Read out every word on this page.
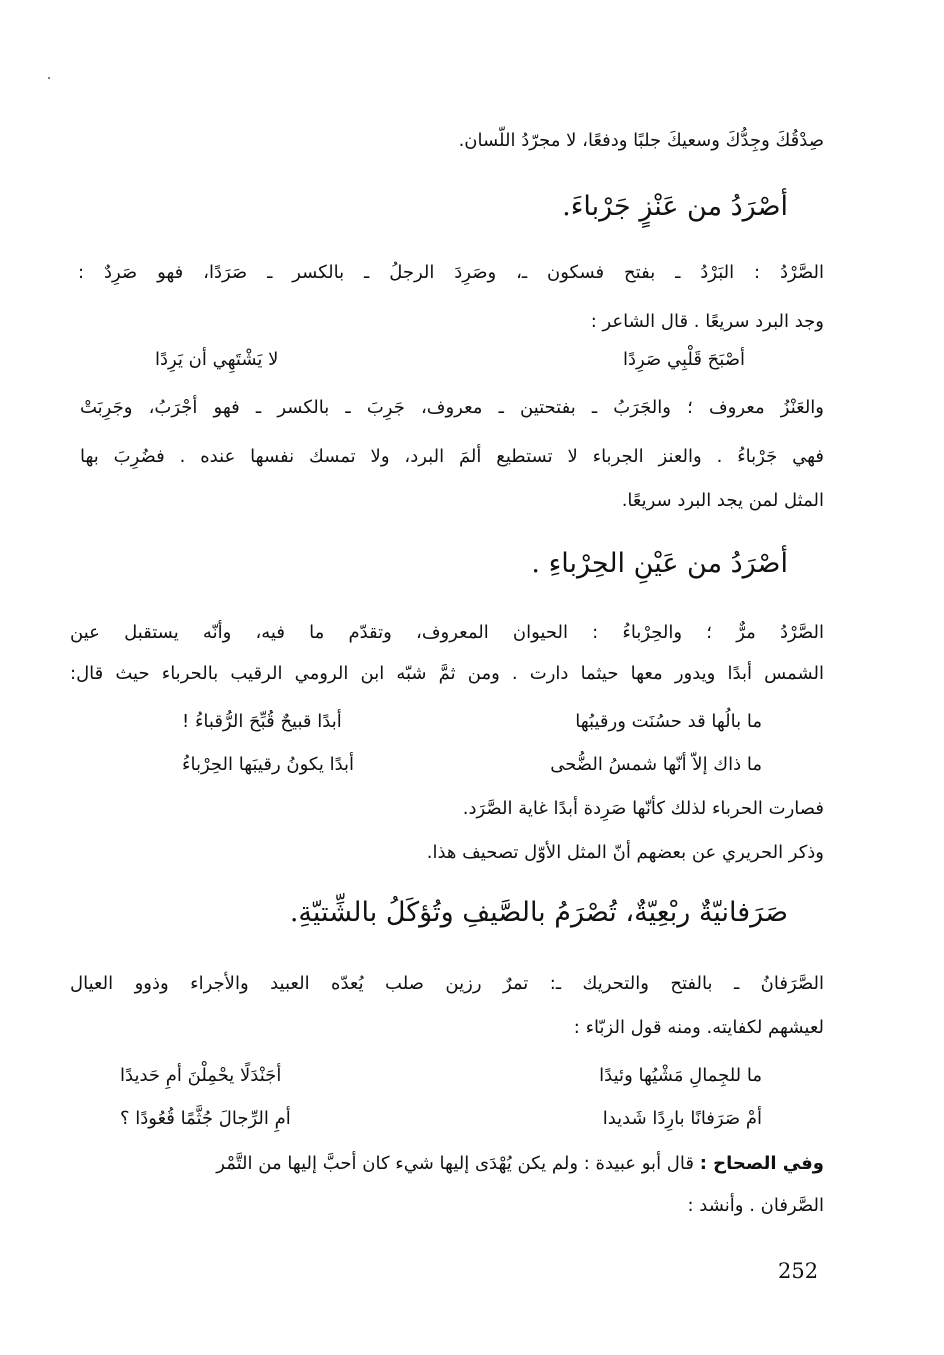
صِدْقُكَ وجِدُّكَ وسعيكَ جلبًا ودفعًا، لا مجرّدُ اللّسان.
أصْرَدُ من عَنْزٍ جَرْباءَ.
الصَّرْدُ : البَرْدُ ـ بفتح فسكون ـ، وصَرِدَ الرجلُ ـ بالكسر ـ صَرَدًا، فهو صَرِدٌ :
وجد البرد سريعًا . قال الشاعر :
أصْبَحَ قَلْبِي صَرِدًا
لا يَشْتَهِي أن يَرِدًا
والعَنْزُ معروف ؛ والجَرَبُ ـ بفتحتين ـ معروف، جَرِبَ ـ بالكسر ـ فهو أجْرَبُ، وجَرِبَتْ
فهي جَرْباءُ . والعنز الجرباء لا تستطيع ألمَ البرد، ولا تمسك نفسها عنده . فضُرِبَ بها
المثل لمن يجد البرد سريعًا.
أصْرَدُ من عَيْنِ الحِرْباءِ .
الصَّرْدُ مرٌّ ؛ والحِرْباءُ : الحيوان المعروف، وتقدّم ما فيه، وأنّه يستقبل عين
الشمس أبدًا ويدور معها حيثما دارت . ومن ثمَّ شبّه ابن الرومي الرقيب بالحرباء حيث قال:
ما بالُها قد حسُنَت ورقيبُها
أبدًا قبيحٌ قُبِّحَ الرُّقباءُ !
ما ذاك إلاّ أنّها شمسُ الضُّحى
أبدًا يكونُ رقيبَها الحِرْباءُ
فصارت الحرباء لذلك كأنّها صَرِدة أبدًا غاية الصَّرَد.
وذكر الحريري عن بعضهم أنّ المثل الأوّل تصحيف هذا.
صَرَفانيّةٌ ربْعِيّةٌ، تُصْرَمُ بالصَّيفِ وتُؤكَلُ بالشِّتيّةِ.
الصَّرَفانُ ـ بالفتح والتحريك ـ: تمرٌ رزين صلب يُعدّه العبيد والأجراء وذوو العيال
لعيشهم لكفايته. ومنه قول الزبّاء :
ما للجِمالِ مَشْيُها وئيدًا
أجَنْدَلًا يحْمِلْنَ أمِ حَديدًا
أمْ صَرَفانًا بارِدًا شَديدا
أمِ الرِّجالَ جُثَّمًا قُعُودًا ؟
وفي الصحاح : قال أبو عبيدة : ولم يكن يُهْدَى إليها شيء كان أحبَّ إليها من التَّمْر
الصَّرفان . وأنشد :
252
